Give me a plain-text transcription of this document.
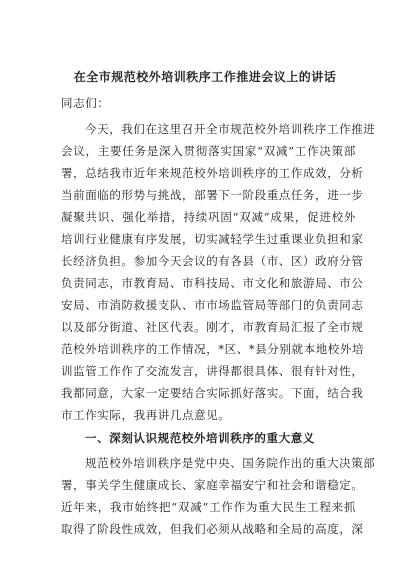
在全市规范校外培训秩序工作推进会议上的讲话
同志们：
今天，我们在这里召开全市规范校外培训秩序工作推进
会议，主要任务是深入贯彻落实国家“双减”工作决策部
署，总结我市近年来规范校外培训秩序的工作成效，分析
当前面临的形势与挑战，部署下一阶段重点任务，进一步
凝聚共识、强化举措，持续巩固“双减”成果，促进校外
培训行业健康有序发展，切实减轻学生过重课业负担和家
长经济负担。参加今天会议的有各县（市、区）政府分管
负责同志，市教育局、市科技局、市文化和旅游局、市公
安局、市消防救援支队、市市场监管局等部门的负责同志
以及部分街道、社区代表。刚才，市教育局汇报了全市规
范校外培训秩序的工作情况，*区、*县分别就本地校外培
训监管工作作了交流发言，讲得都很具体、很有针对性，
我都同意，大家一定要结合实际抓好落实。下面，结合我
市工作实际，我再讲几点意见。
一、深刻认识规范校外培训秩序的重大意义
规范校外培训秩序是党中央、国务院作出的重大决策部
署，事关学生健康成长、家庭幸福安宁和社会和谐稳定。
近年来，我市始终把“双减”工作作为重大民生工程来抓
取得了阶段性成效，但我们必须从战略和全局的高度，深
